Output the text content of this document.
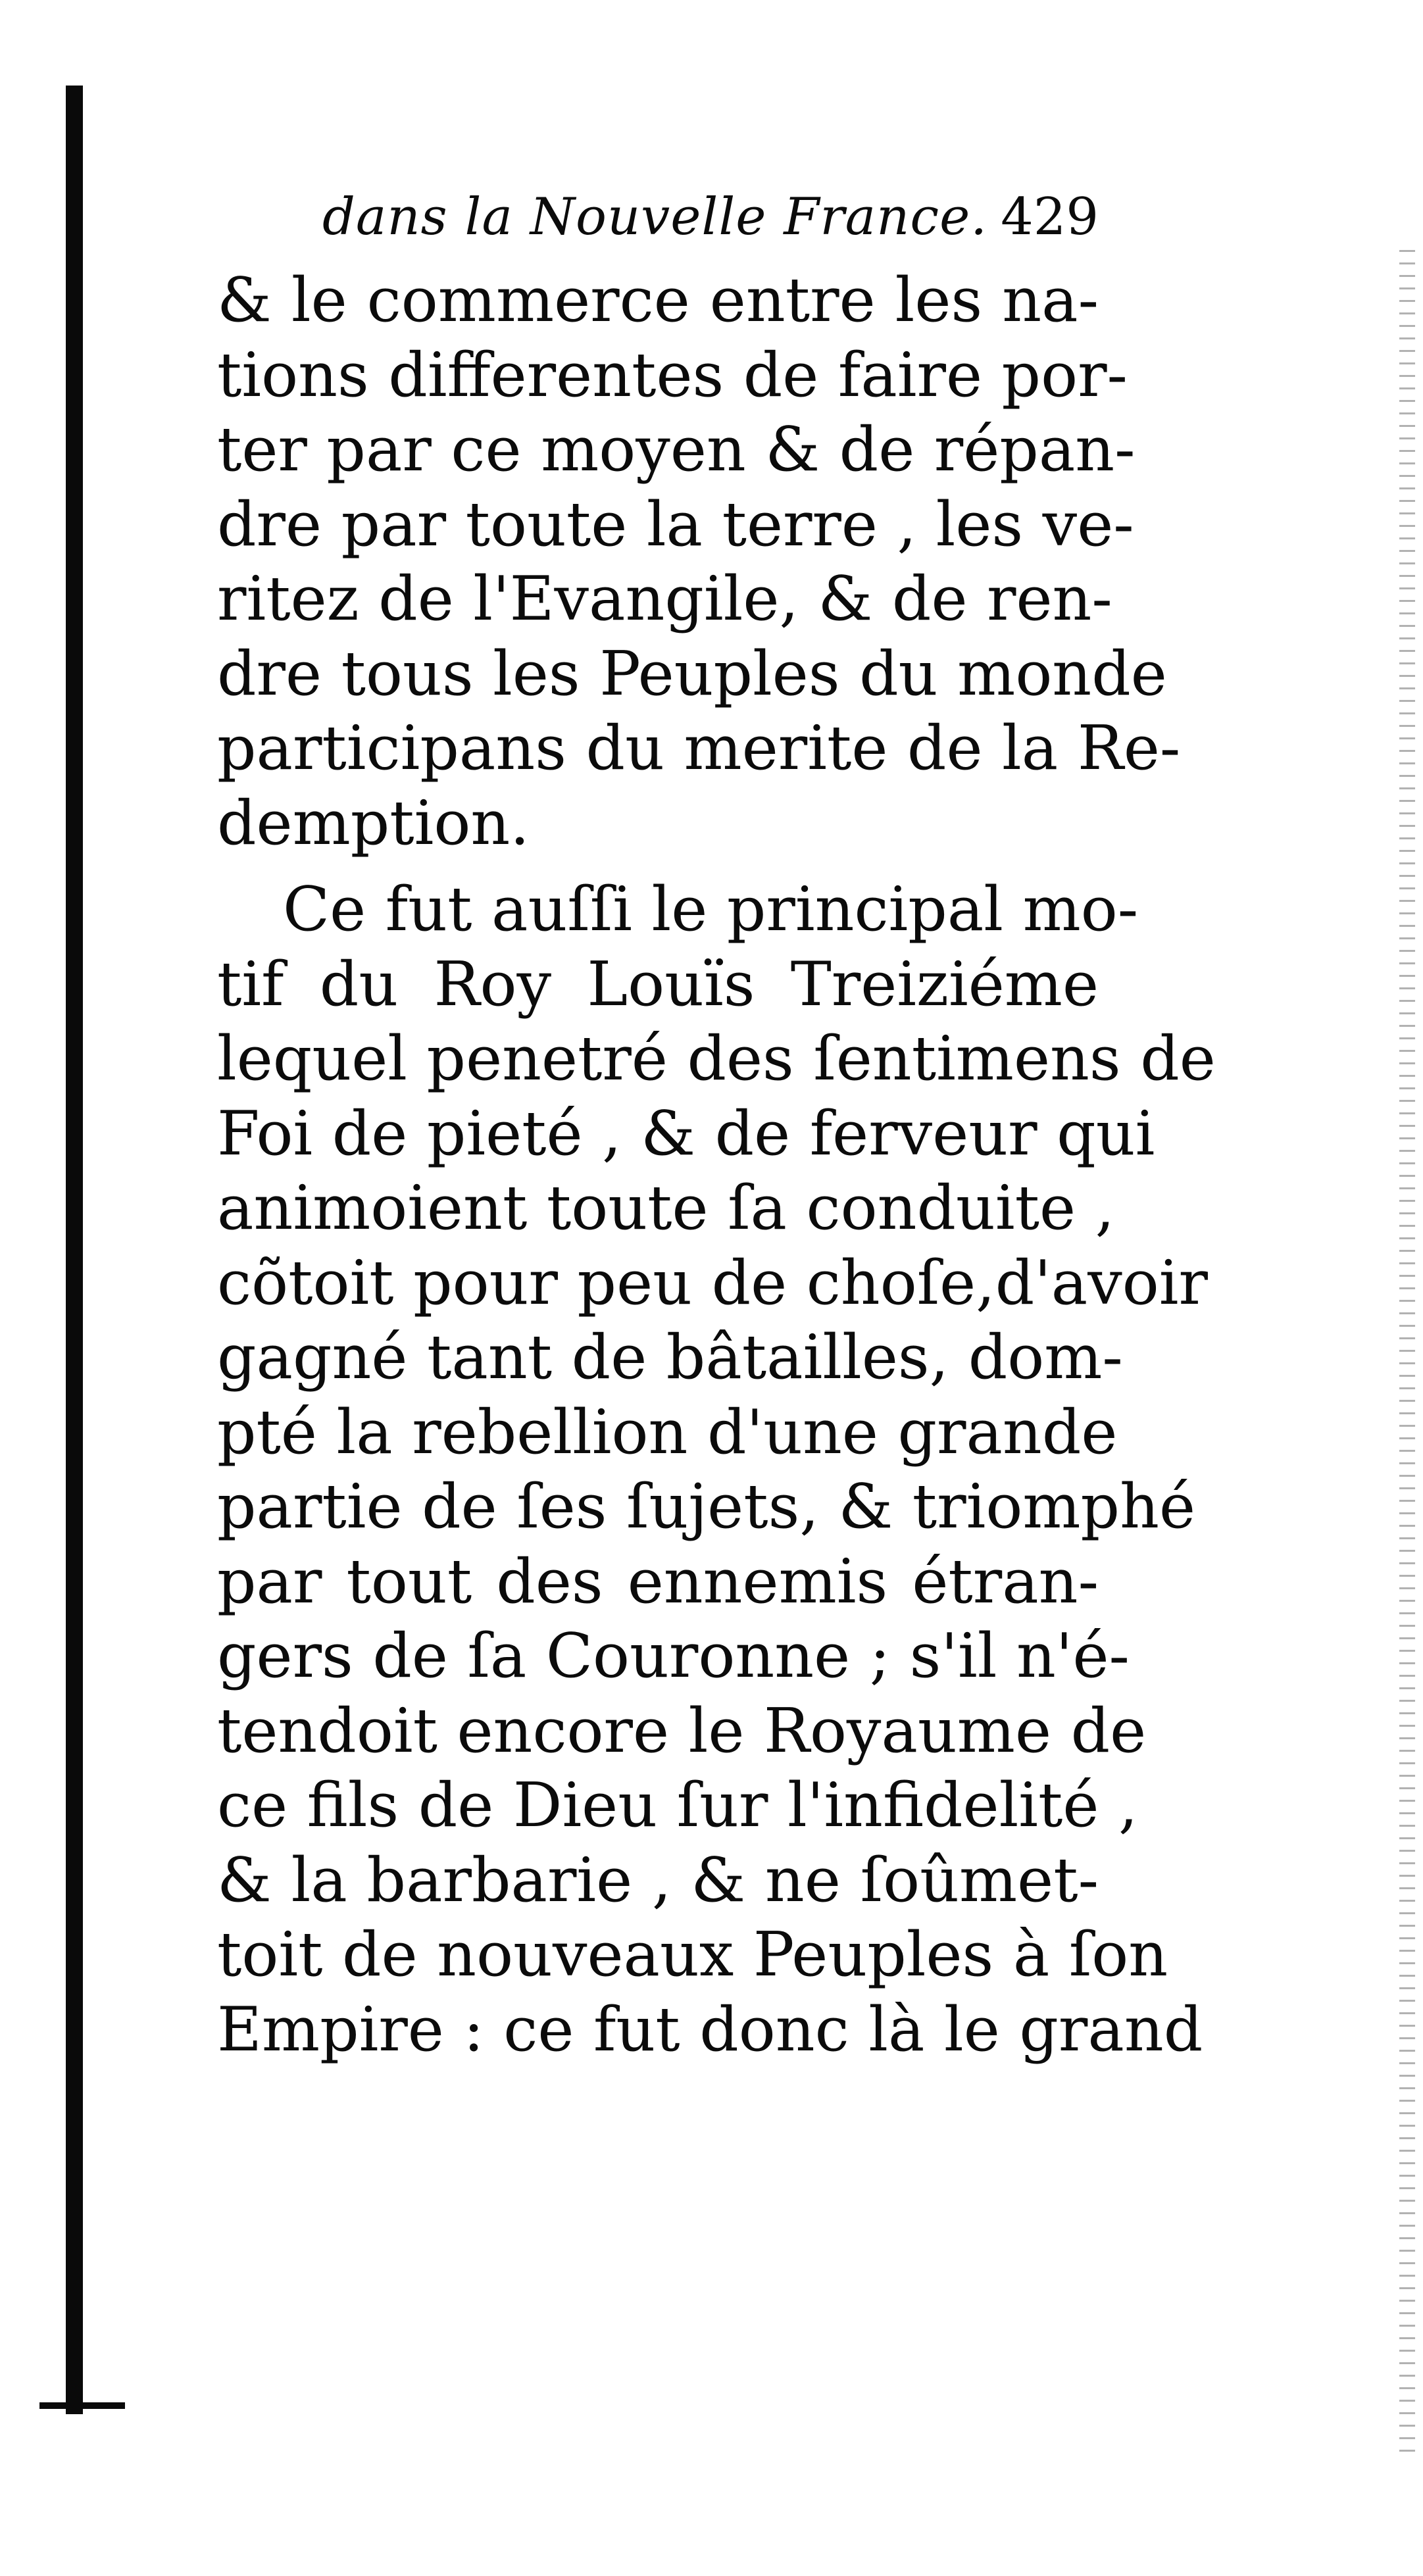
dans la Nouvelle France. 429
& le commerce entre les na-
tions differentes de faire por-
ter par ce moyen & de répan-
dre par toute la terre , les ve-
ritez de l'Evangile, & de ren-
dre tous les Peuples du monde
participans du merite de la Re-
demption.
Ce fut auſſi le principal mo-
tif du Roy Louïs Treiziéme
lequel penetré des ſentimens de
Foi de pieté , & de ferveur qui
animoient toute ſa conduite ,
cõtoit pour peu de choſe,d'avoir
gagné tant de bâtailles, dom-
pté la rebellion d'une grande
partie de ſes ſujets, & triomphé
par tout des ennemis étran-
gers de ſa Couronne ; s'il n'é-
tendoit encore le Royaume de
ce fils de Dieu ſur l'infidelité ,
& la barbarie , & ne ſoûmet-
toit de nouveaux Peuples à ſon
Empire : ce fut donc là le grand
